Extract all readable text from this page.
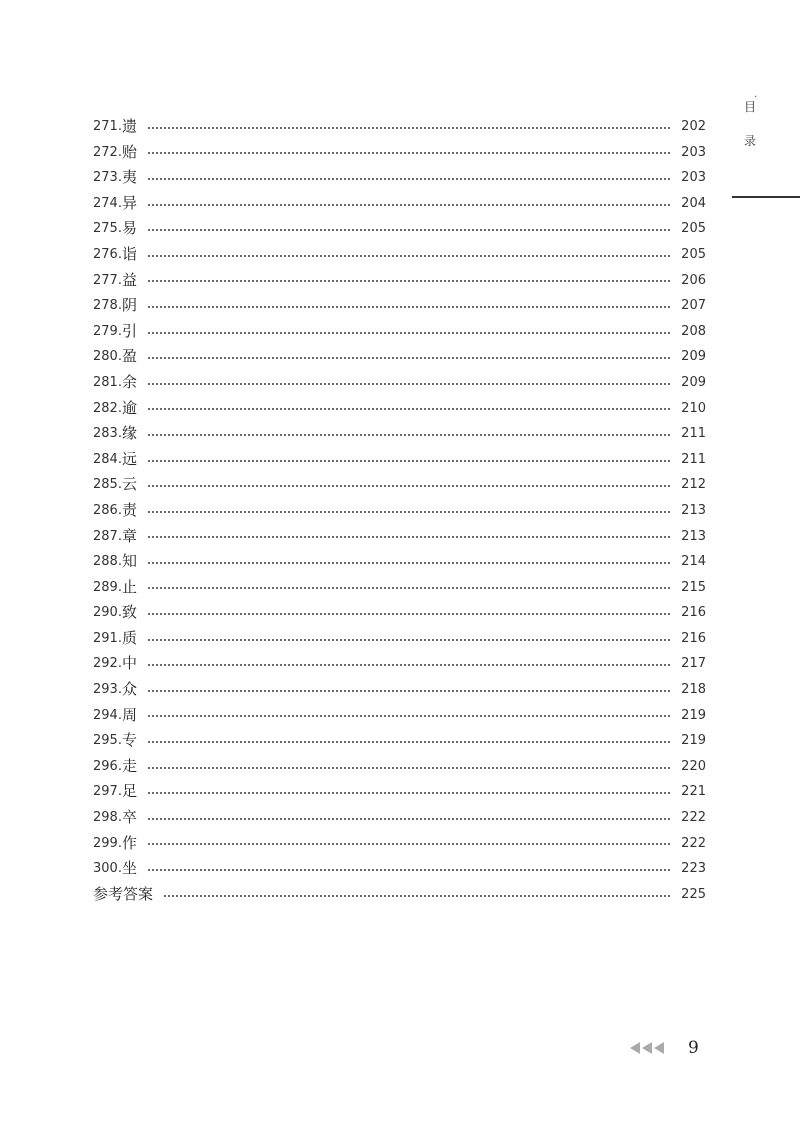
·
目
录
271. 遗	202
272. 贻	203
273. 夷	203
274. 异	204
275. 易	205
276. 诣	205
277. 益	206
278. 阴	207
279. 引	208
280. 盈	209
281. 余	209
282. 逾	210
283. 缘	211
284. 远	211
285. 云	212
286. 责	213
287. 章	213
288. 知	214
289. 止	215
290. 致	216
291. 质	216
292. 中	217
293. 众	218
294. 周	219
295. 专	219
296. 走	220
297. 足	221
298. 卒	222
299. 作	222
300. 坐	223
参考答案	225
9
